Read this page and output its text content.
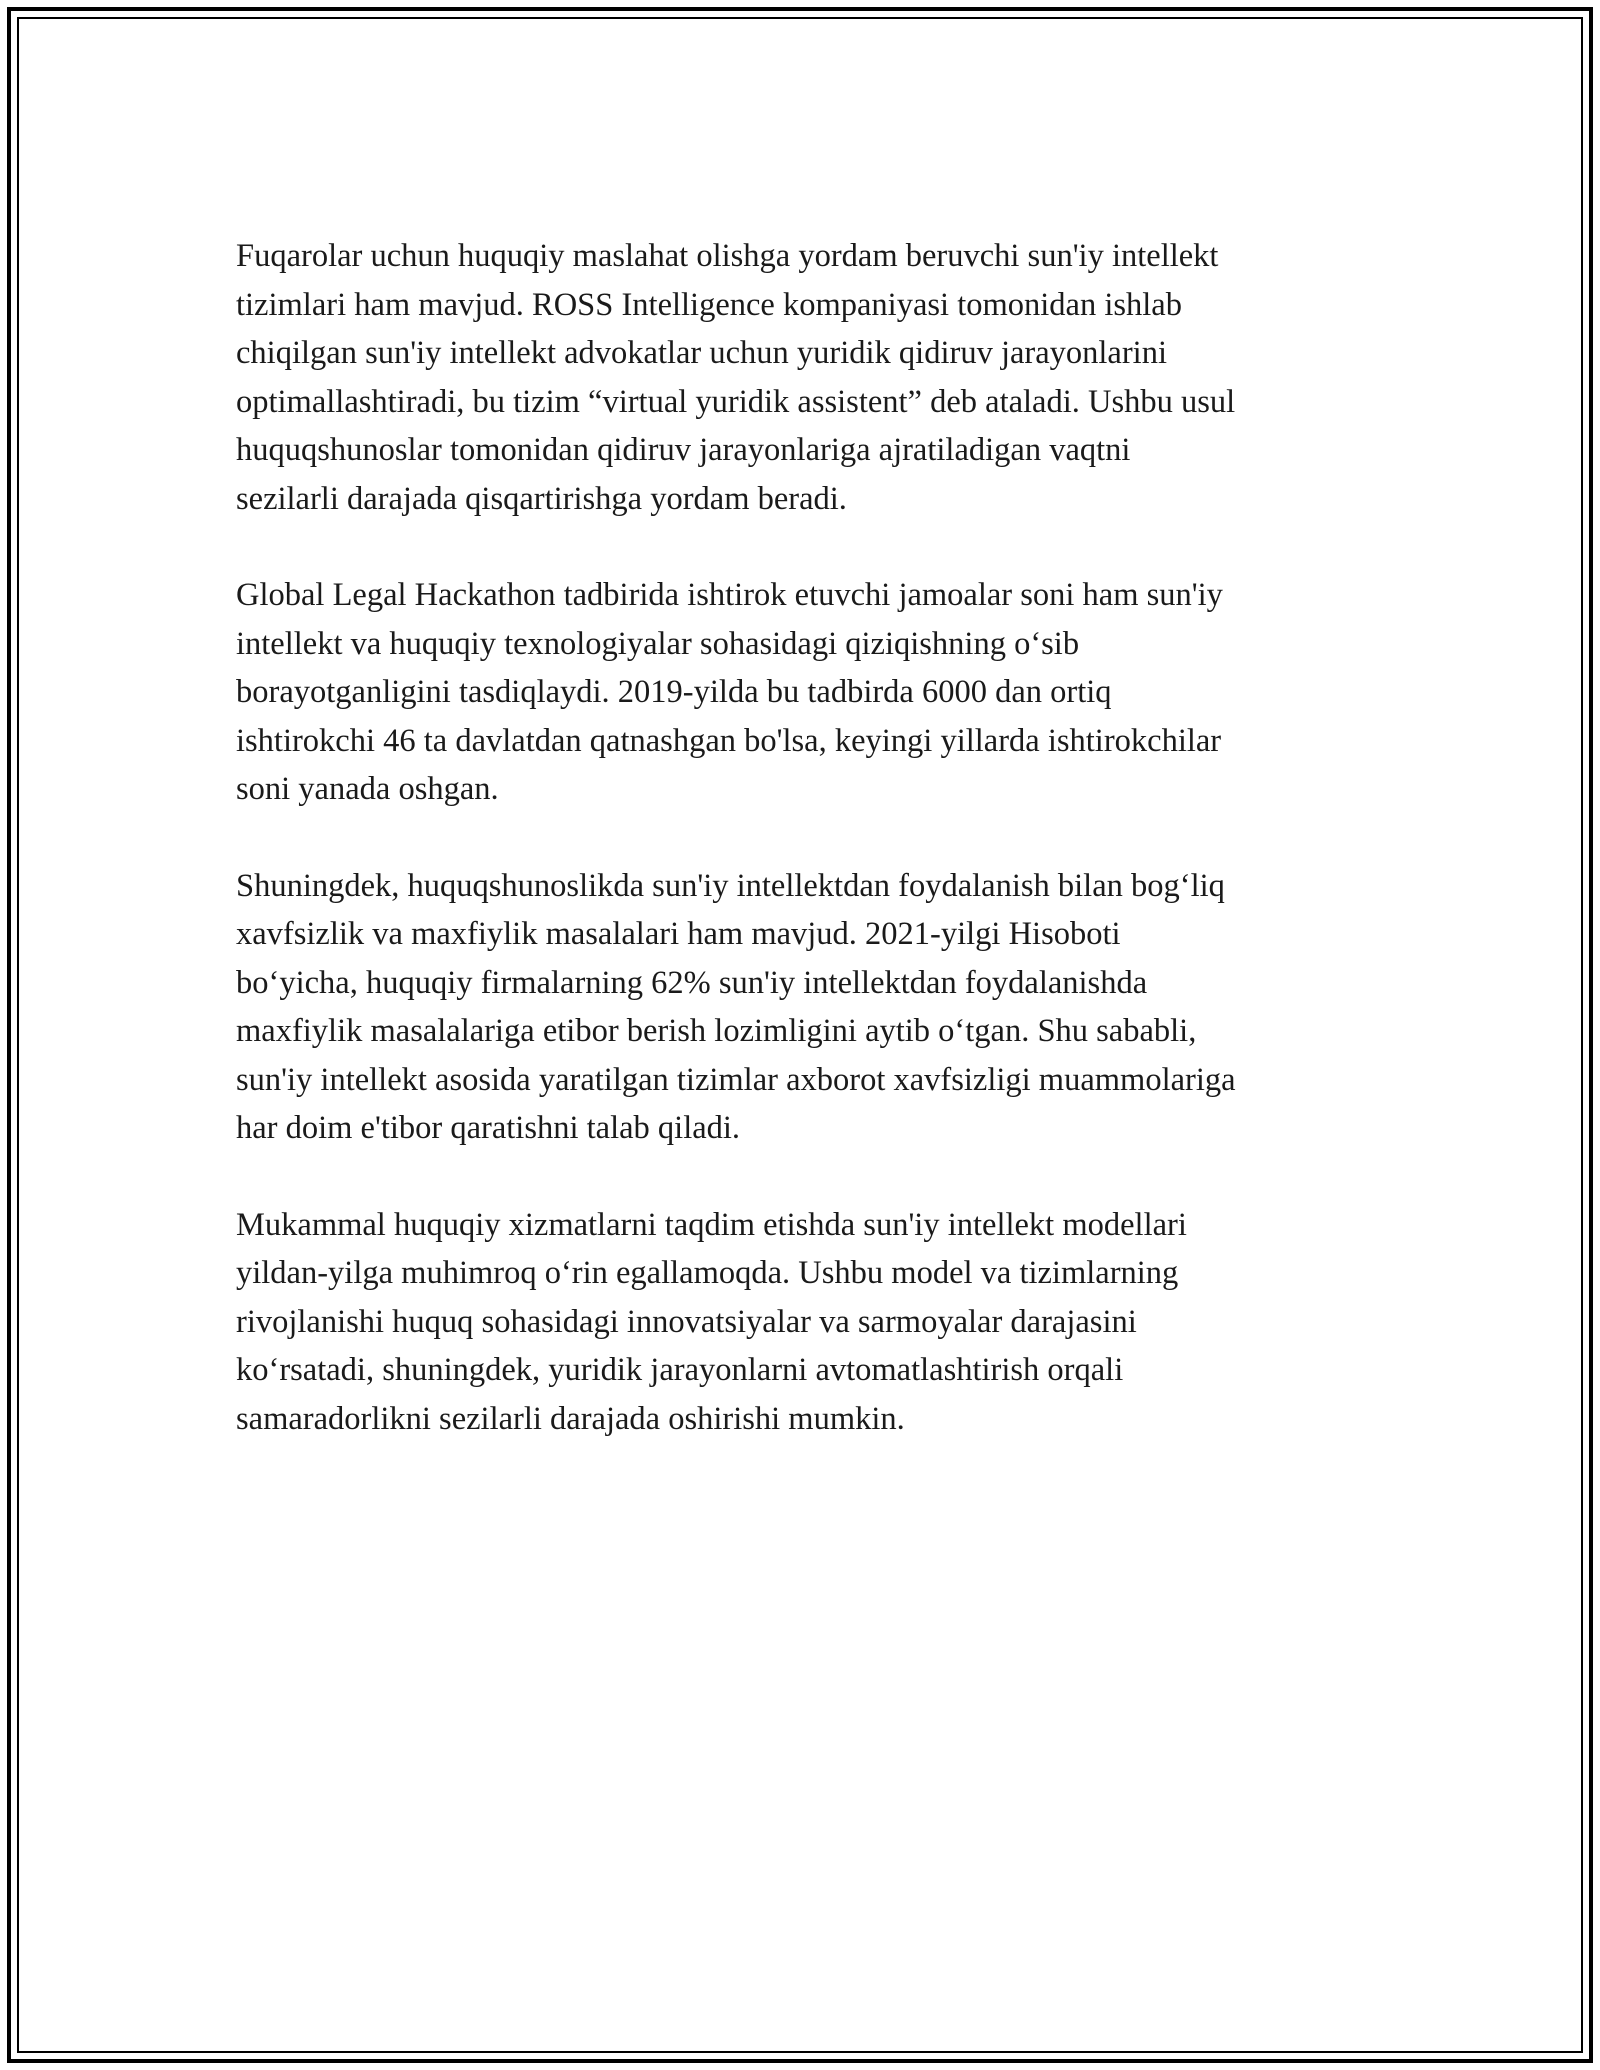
Fuqarolar uchun huquqiy maslahat olishga yordam beruvchi sun'iy intellekt
tizimlari ham mavjud. ROSS Intelligence kompaniyasi tomonidan ishlab
chiqilgan sun'iy intellekt advokatlar uchun yuridik qidiruv jarayonlarini
optimallashtiradi, bu tizim “virtual yuridik assistent” deb ataladi. Ushbu usul
huquqshunoslar tomonidan qidiruv jarayonlariga ajratiladigan vaqtni
sezilarli darajada qisqartirishga yordam beradi.

Global Legal Hackathon tadbirida ishtirok etuvchi jamoalar soni ham sun'iy
intellekt va huquqiy texnologiyalar sohasidagi qiziqishning o‘sib
borayotganligini tasdiqlaydi. 2019-yilda bu tadbirda 6000 dan ortiq
ishtirokchi 46 ta davlatdan qatnashgan bo'lsa, keyingi yillarda ishtirokchilar
soni yanada oshgan.

Shuningdek, huquqshunoslikda sun'iy intellektdan foydalanish bilan bog‘liq
xavfsizlik va maxfiylik masalalari ham mavjud. 2021-yilgi Hisoboti
bo‘yicha, huquqiy firmalarning 62% sun'iy intellektdan foydalanishda
maxfiylik masalalariga etibor berish lozimligini aytib o‘tgan. Shu sababli,
sun'iy intellekt asosida yaratilgan tizimlar axborot xavfsizligi muammolariga
har doim e'tibor qaratishni talab qiladi.

Mukammal huquqiy xizmatlarni taqdim etishda sun'iy intellekt modellari
yildan-yilga muhimroq o‘rin egallamoqda. Ushbu model va tizimlarning
rivojlanishi huquq sohasidagi innovatsiyalar va sarmoyalar darajasini
ko‘rsatadi, shuningdek, yuridik jarayonlarni avtomatlashtirish orqali
samaradorlikni sezilarli darajada oshirishi mumkin.
